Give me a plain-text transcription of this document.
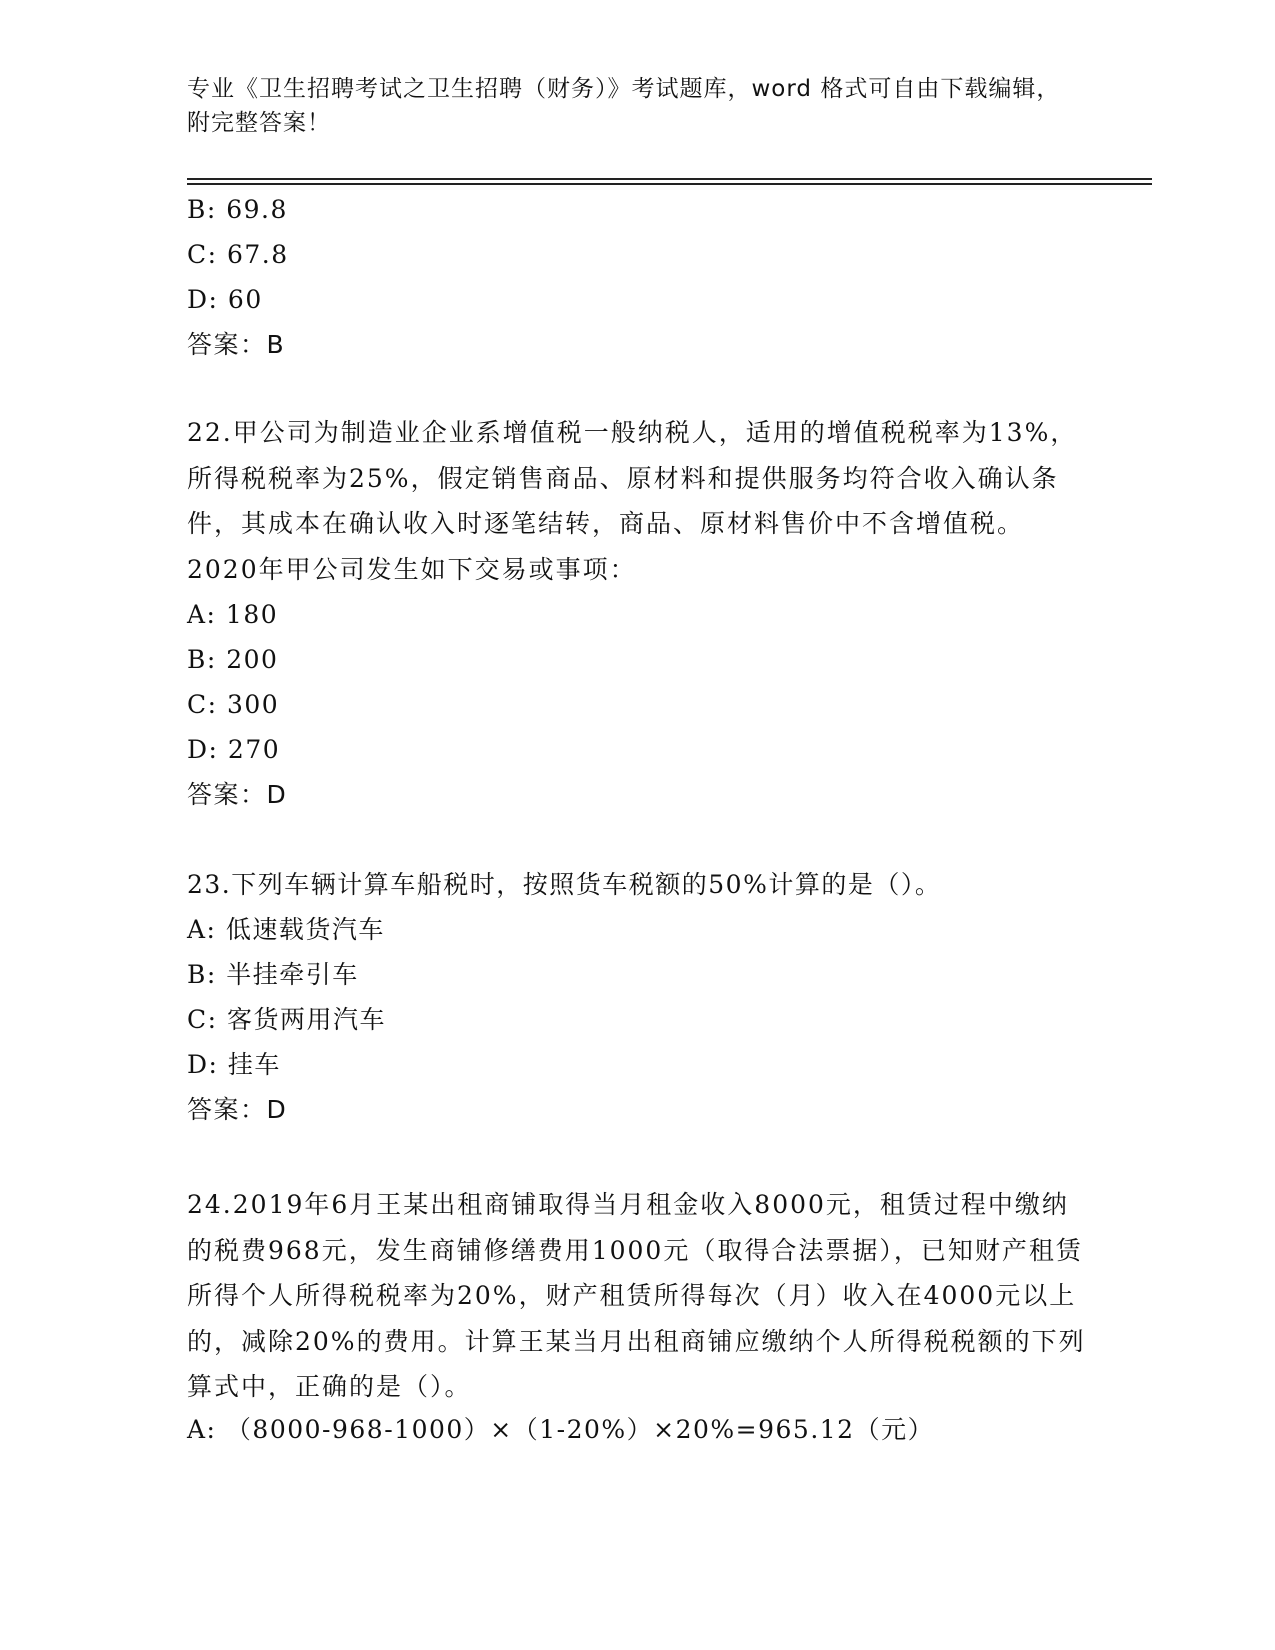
专业《卫生招聘考试之卫生招聘（财务）》考试题库，word 格式可自由下载编辑，附完整答案！
B: 69.8
C: 67.8
D: 60
答案：B
22.甲公司为制造业企业系增值税一般纳税人，适用的增值税税率为13%，所得税税率为25%，假定销售商品、原材料和提供服务均符合收入确认条件，其成本在确认收入时逐笔结转，商品、原材料售价中不含增值税。2020年甲公司发生如下交易或事项：
A: 180
B: 200
C: 300
D: 270
答案：D
23.下列车辆计算车船税时，按照货车税额的50%计算的是（）。
A: 低速载货汽车
B: 半挂牵引车
C: 客货两用汽车
D: 挂车
答案：D
24.2019年6月王某出租商铺取得当月租金收入8000元，租赁过程中缴纳的税费968元，发生商铺修缮费用1000元（取得合法票据），已知财产租赁所得个人所得税税率为20%，财产租赁所得每次（月）收入在4000元以上的，减除20%的费用。计算王某当月出租商铺应缴纳个人所得税税额的下列算式中，正确的是（）。
A: （8000-968-1000）×（1-20%）×20%=965.12（元）
